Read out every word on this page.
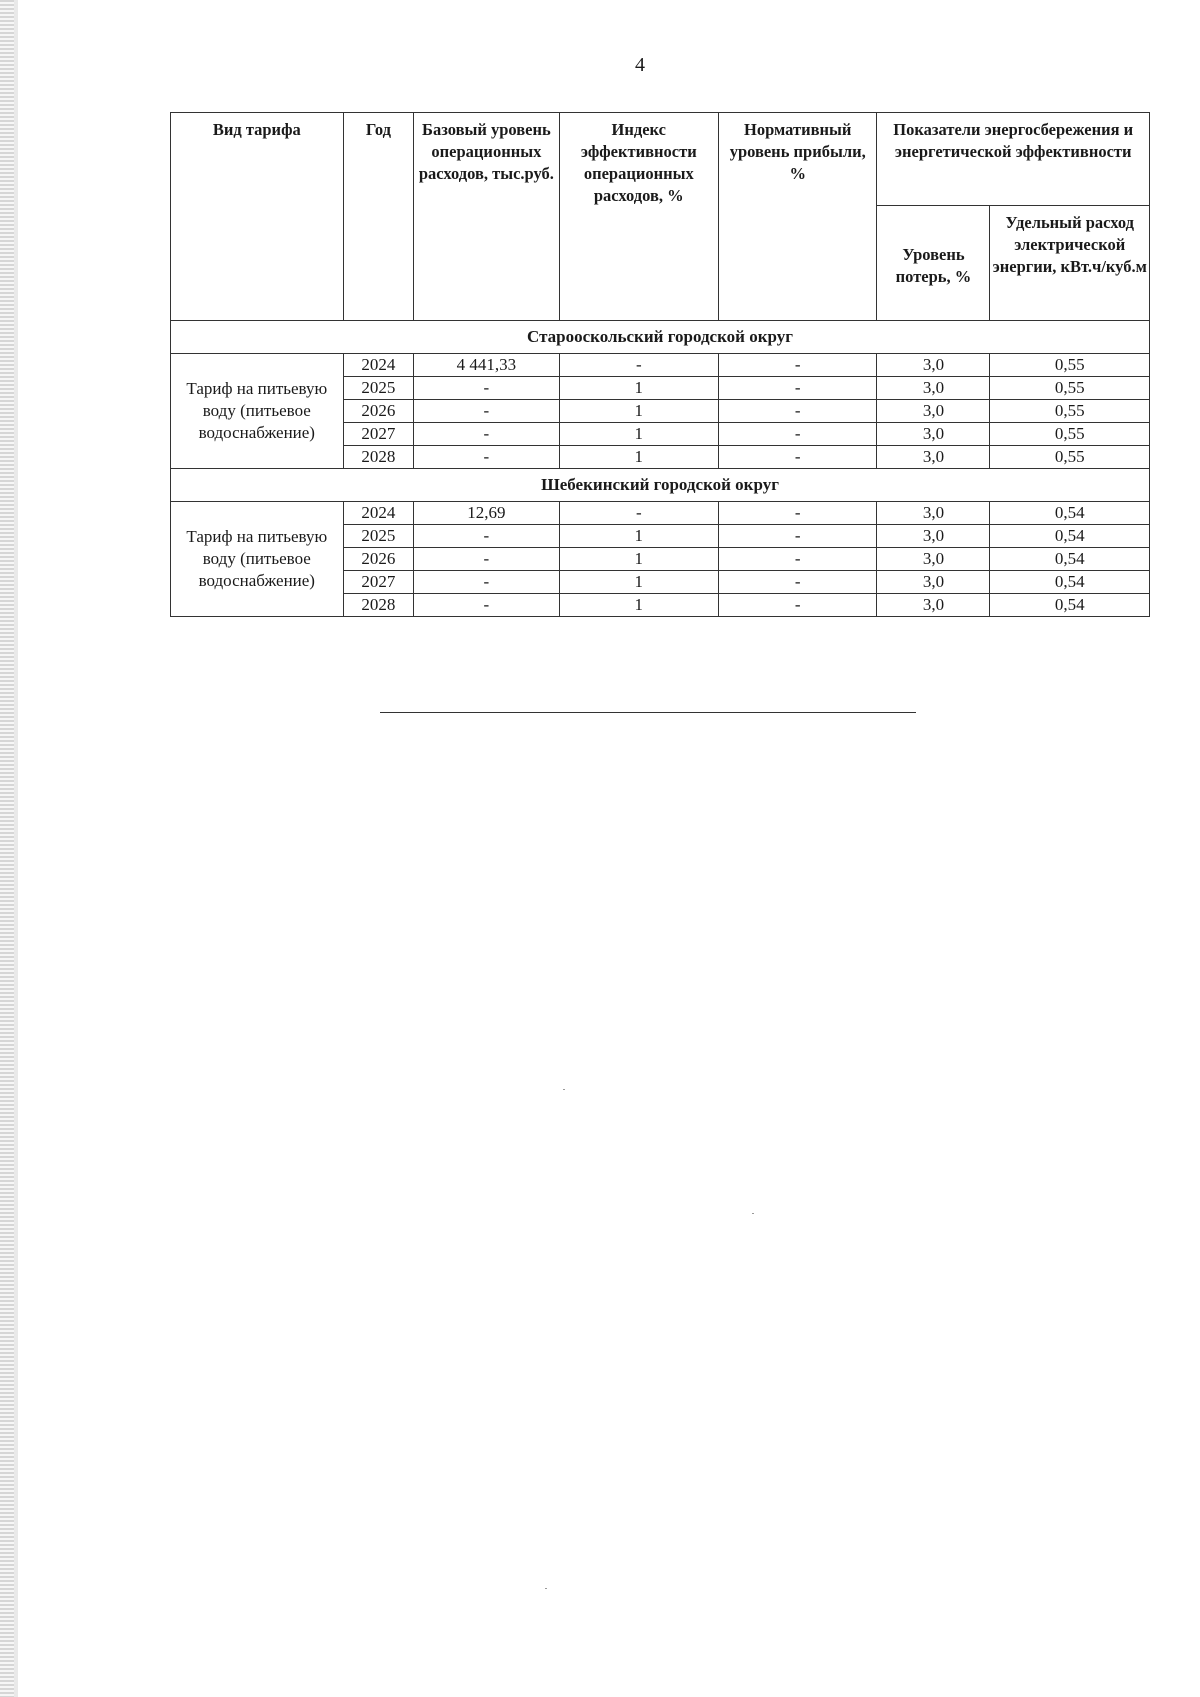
4
Вид тарифа	Год	Базовый уровень операционных расходов, тыс.руб.	Индекс эффективности операционных расходов, %	Нормативный уровень прибыли, %	Показатели энергосбережения и энергетической эффективности	
					Уровень потерь, %	Удельный расход электрической энергии, кВт.ч/куб.м
Старооскольский городской округ						
Тариф на питьевую воду (питьевое водоснабжение)	2024	4 441,33	-	-	3,0	0,55
	2025	-	1	-	3,0	0,55
	2026	-	1	-	3,0	0,55
	2027	-	1	-	3,0	0,55
	2028	-	1	-	3,0	0,55
Шебекинский городской округ						
Тариф на питьевую воду (питьевое водоснабжение)	2024	12,69	-	-	3,0	0,54
	2025	-	1	-	3,0	0,54
	2026	-	1	-	3,0	0,54
	2027	-	1	-	3,0	0,54
	2028	-	1	-	3,0	0,54
